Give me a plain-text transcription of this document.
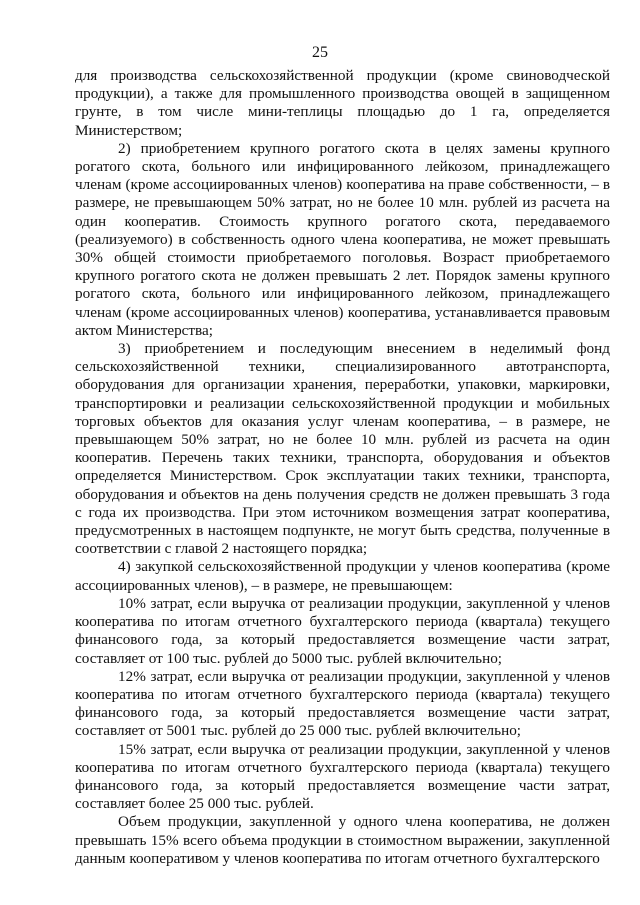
25

для производства сельскохозяйственной продукции (кроме свиноводческой продукции), а также для промышленного производства овощей в защищенном грунте, в том числе мини-теплицы площадью до 1 га, определяется Министерством;

2) приобретением крупного рогатого скота в целях замены крупного рогатого скота, больного или инфицированного лейкозом, принадлежащего членам (кроме ассоциированных членов) кооператива на праве собственности, – в размере, не превышающем 50% затрат, но не более 10 млн. рублей из расчета на один кооператив. Стоимость крупного рогатого скота, передаваемого (реализуемого) в собственность одного члена кооператива, не может превышать 30% общей стоимости приобретаемого поголовья. Возраст приобретаемого крупного рогатого скота не должен превышать 2 лет. Порядок замены крупного рогатого скота, больного или инфицированного лейкозом, принадлежащего членам (кроме ассоциированных членов) кооператива, устанавливается правовым актом Министерства;

3) приобретением и последующим внесением в неделимый фонд сельскохозяйственной техники, специализированного автотранспорта, оборудования для организации хранения, переработки, упаковки, маркировки, транспортировки и реализации сельскохозяйственной продукции и мобильных торговых объектов для оказания услуг членам кооператива, – в размере, не превышающем 50% затрат, но не более 10 млн. рублей из расчета на один кооператив. Перечень таких техники, транспорта, оборудования и объектов определяется Министерством. Срок эксплуатации таких техники, транспорта, оборудования и объектов на день получения средств не должен превышать 3 года с года их производства. При этом источником возмещения затрат кооператива, предусмотренных в настоящем подпункте, не могут быть средства, полученные в соответствии с главой 2 настоящего порядка;

4) закупкой сельскохозяйственной продукции у членов кооператива (кроме ассоциированных членов), – в размере, не превышающем:

10% затрат, если выручка от реализации продукции, закупленной у членов кооператива по итогам отчетного бухгалтерского периода (квартала) текущего финансового года, за который предоставляется возмещение части затрат, составляет от 100 тыс. рублей до 5000 тыс. рублей включительно;

12% затрат, если выручка от реализации продукции, закупленной у членов кооператива по итогам отчетного бухгалтерского периода (квартала) текущего финансового года, за который предоставляется возмещение части затрат, составляет от 5001 тыс. рублей до 25 000 тыс. рублей включительно;

15% затрат, если выручка от реализации продукции, закупленной у членов кооператива по итогам отчетного бухгалтерского периода (квартала) текущего финансового года, за который предоставляется возмещение части затрат, составляет более 25 000 тыс. рублей.

Объем продукции, закупленной у одного члена кооператива, не должен превышать 15% всего объема продукции в стоимостном выражении, закупленной данным кооперативом у членов кооператива по итогам отчетного бухгалтерского
